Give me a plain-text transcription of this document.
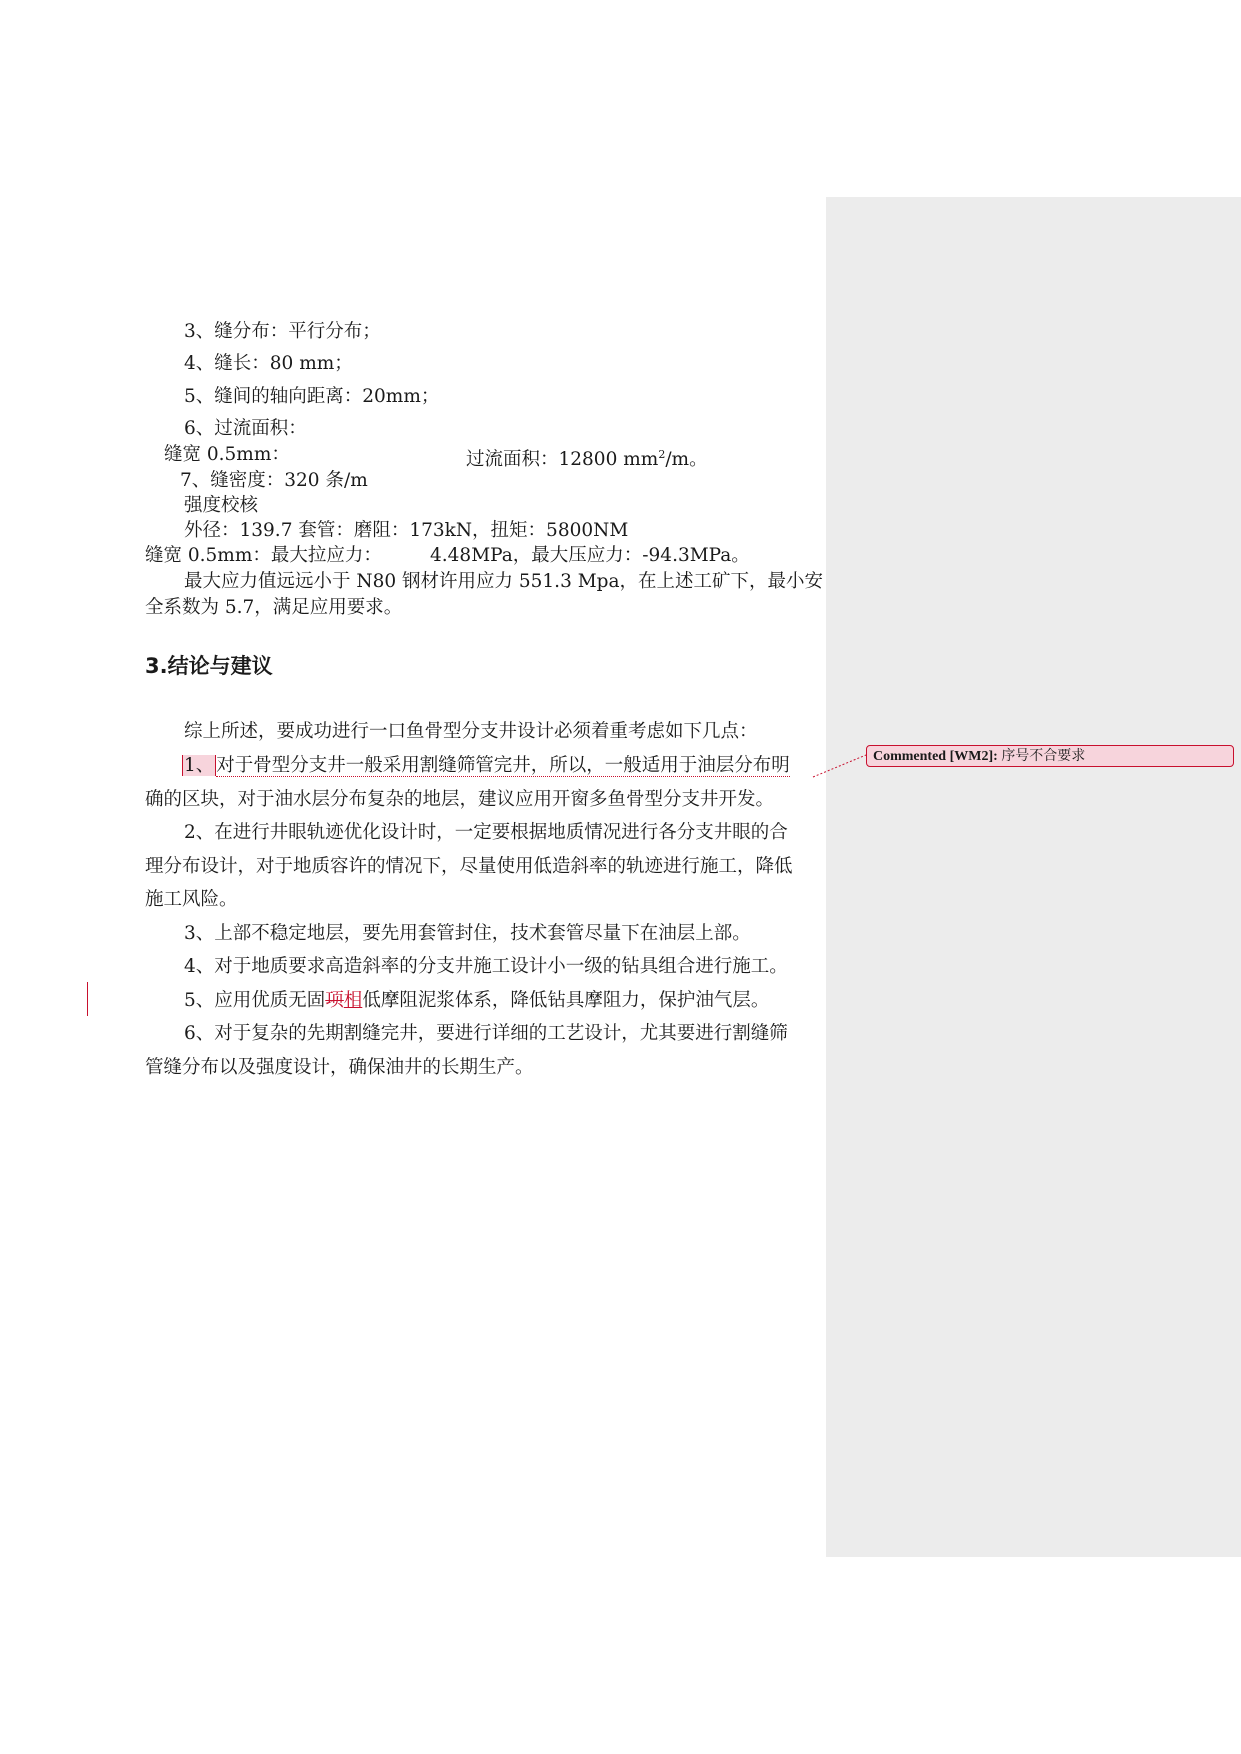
3、缝分布：平行分布；
4、缝长：80 mm；
5、缝间的轴向距离：20mm；
6、过流面积：
缝宽 0.5mm：	过流面积：12800 $mm^2/m$。
7、缝密度：320 条/m
强度校核
外径：139.7 套管：磨阻：173kN，扭矩：5800NM
缝宽 0.5mm：最大拉应力：	4.48MPa，最大压应力：-94.3MPa。
最大应力值远远小于 N80 钢材许用应力 551.3 Mpa，在上述工矿下，最小安
全系数为 5.7，满足应用要求。
3.结论与建议
综上所述，要成功进行一口鱼骨型分支井设计必须着重考虑如下几点：
1、 对于骨型分支井一般采用割缝筛管完井，所以，一般适用于油层分布明
确的区块，对于油水层分布复杂的地层，建议应用开窗多鱼骨型分支井开发。
2、在进行井眼轨迹优化设计时，一定要根据地质情况进行各分支井眼的合
理分布设计，对于地质容许的情况下，尽量使用低造斜率的轨迹进行施工，降低
施工风险。
3、上部不稳定地层，要先用套管封住，技术套管尽量下在油层上部。
4、对于地质要求高造斜率的分支井施工设计小一级的钻具组合进行施工。
5、应用优质无固项相低摩阻泥浆体系，降低钻具摩阻力，保护油气层。
6、对于复杂的先期割缝完井，要进行详细的工艺设计，尤其要进行割缝筛
管缝分布以及强度设计，确保油井的长期生产。
Commented [WM2]: 序号不合要求
